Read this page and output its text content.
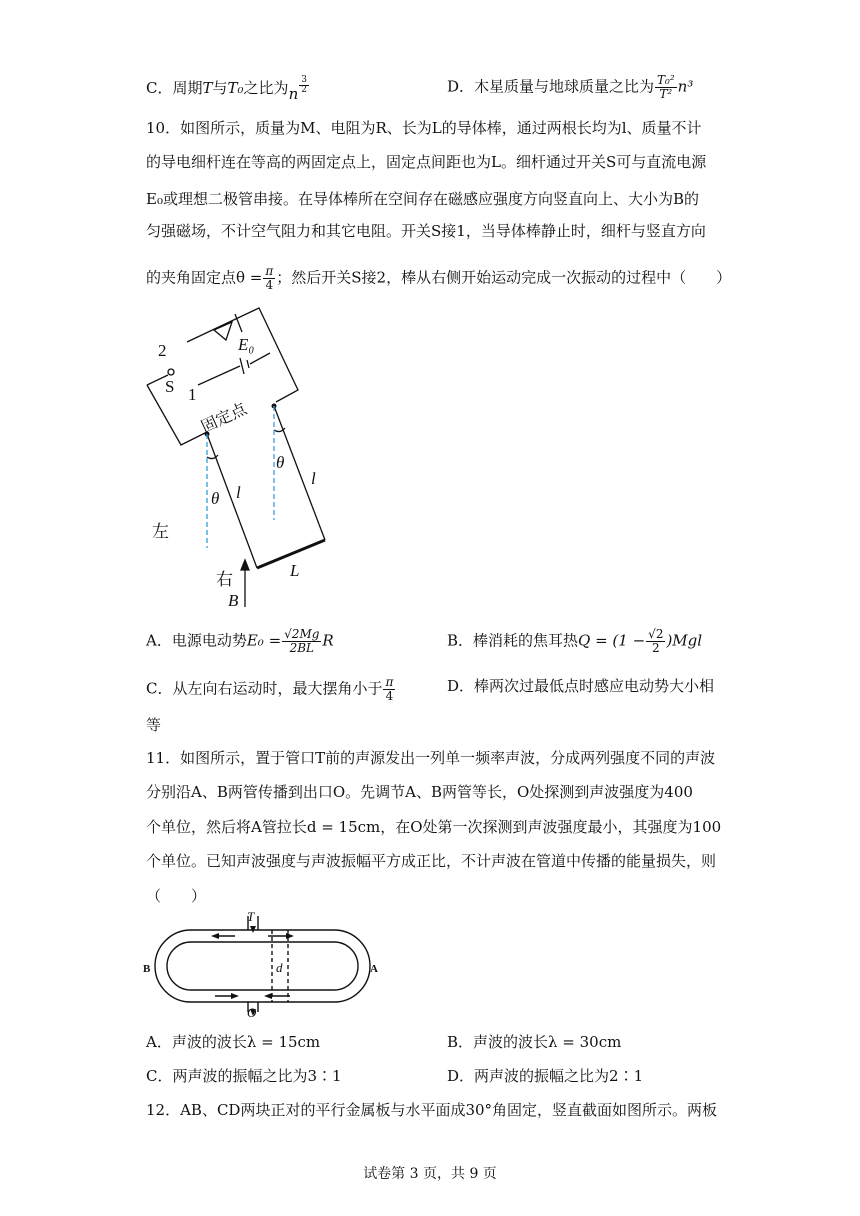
C．周期T与T₀之比为n $\frac{3}{2}$	D．木星质量与地球质量之比为 $\frac{\text{T₀²}}{\text{T²}} n^3$
10．如图所示，质量为M、电阻为R、长为L的导体棒，通过两根长均为l、质量不计
的导电细杆连在等高的两固定点上，固定点间距也为L。细杆通过开关S可与直流电源
E₀或理想二极管串接。在导体棒所在空间存在磁感应强度方向竖直向上、大小为B的
匀强磁场，不计空气阻力和其它电阻。开关S接1，当导体棒静止时，细杆与竖直方向
的夹角固定点$\theta = \frac{\pi}{4}$ ；然后开关S接2，棒从右侧开始运动完成一次振动的过程中（　　）
2
S 1
E₀
固定点
θ
θ
l
l
左
右	L
B
A．电源电动势$E_0 = \frac{√2Mg}{2BL}$ R	B．棒消耗的焦耳热$Q = (1 - \frac{√2}{2} )Mgl$
C．从左向右运动时，最大摆角小于 $\frac{\pi}{4}$	D．棒两次过最低点时感应电动势大小相
等
11．如图所示，置于管口T前的声源发出一列单一频率声波，分成两列强度不同的声波
分别沿A、B两管传播到出口O。先调节A、B两管等长，O处探测到声波强度为400
个单位，然后将A管拉长d = 15cm，在O处第一次探测到声波强度最小，其强度为100
个单位。已知声波强度与声波振幅平方成正比，不计声波在管道中传播的能量损失，则
（　　）
T
B	A
d
O
A．声波的波长λ = 15cm	B．声波的波长λ = 30cm
C．两声波的振幅之比为3∶1	D．两声波的振幅之比为2∶1
12．AB、CD两块正对的平行金属板与水平面成30°角固定，竖直截面如图所示。两板
试卷第 3 页，共 9 页
